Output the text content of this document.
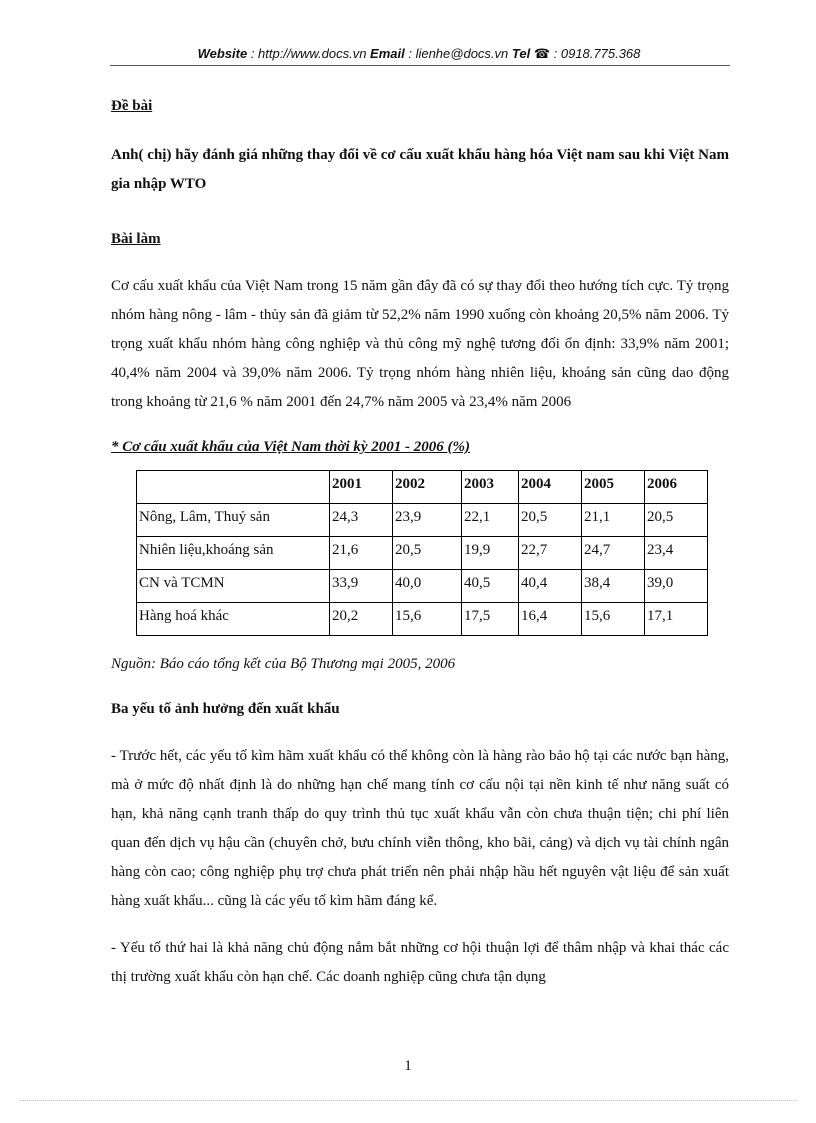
Website : http://www.docs.vn Email : lienhe@docs.vn Tel ☎ : 0918.775.368

Đề bài

Anh( chị) hãy đánh giá những thay đổi về cơ cấu xuất khẩu hàng hóa Việt nam sau khi Việt Nam gia nhập WTO

Bài làm

Cơ cấu xuất khẩu của Việt Nam trong 15 năm gần đây đã có sự thay đổi theo hướng tích cực. Tỷ trọng nhóm hàng nông - lâm - thủy sản đã giảm từ 52,2% năm 1990 xuống còn khoảng 20,5% năm 2006. Tỷ trọng xuất khẩu nhóm hàng công nghiệp và thủ công mỹ nghệ tương đối ổn định: 33,9% năm 2001; 40,4% năm 2004 và 39,0% năm 2006. Tỷ trọng nhóm hàng nhiên liệu, khoáng sản cũng dao động trong khoảng từ 21,6 % năm 2001 đến 24,7% năm 2005 và 23,4% năm 2006

* Cơ cấu xuất khẩu của Việt Nam thời kỳ 2001 - 2006 (%)

	2001	2002	2003	2004	2005	2006
Nông, Lâm, Thuỷ sản	24,3	23,9	22,1	20,5	21,1	20,5
Nhiên liệu,khoáng sản	21,6	20,5	19,9	22,7	24,7	23,4
CN và TCMN	33,9	40,0	40,5	40,4	38,4	39,0
Hàng hoá khác	20,2	15,6	17,5	16,4	15,6	17,1

Nguồn: Báo cáo tổng kết của Bộ Thương mại 2005, 2006

Ba yếu tố ảnh hưởng đến xuất khẩu

- Trước hết, các yếu tố kìm hãm xuất khẩu có thể không còn là hàng rào bảo hộ tại các nước bạn hàng, mà ở mức độ nhất định là do những hạn chế mang tính cơ cấu nội tại nền kinh tế như năng suất có hạn, khả năng cạnh tranh thấp do quy trình thủ tục xuất khẩu vẫn còn chưa thuận tiện; chi phí liên quan đến dịch vụ hậu cần (chuyên chở, bưu chính viễn thông, kho bãi, cảng) và dịch vụ tài chính ngân hàng còn cao; công nghiệp phụ trợ chưa phát triển nên phải nhập hầu hết nguyên vật liệu để sản xuất hàng xuất khẩu... cũng là các yếu tố kìm hãm đáng kể.

- Yếu tố thứ hai là khả năng chủ động nắm bắt những cơ hội thuận lợi để thâm nhập và khai thác các thị trường xuất khẩu còn hạn chế. Các doanh nghiệp cũng chưa tận dụng

1
